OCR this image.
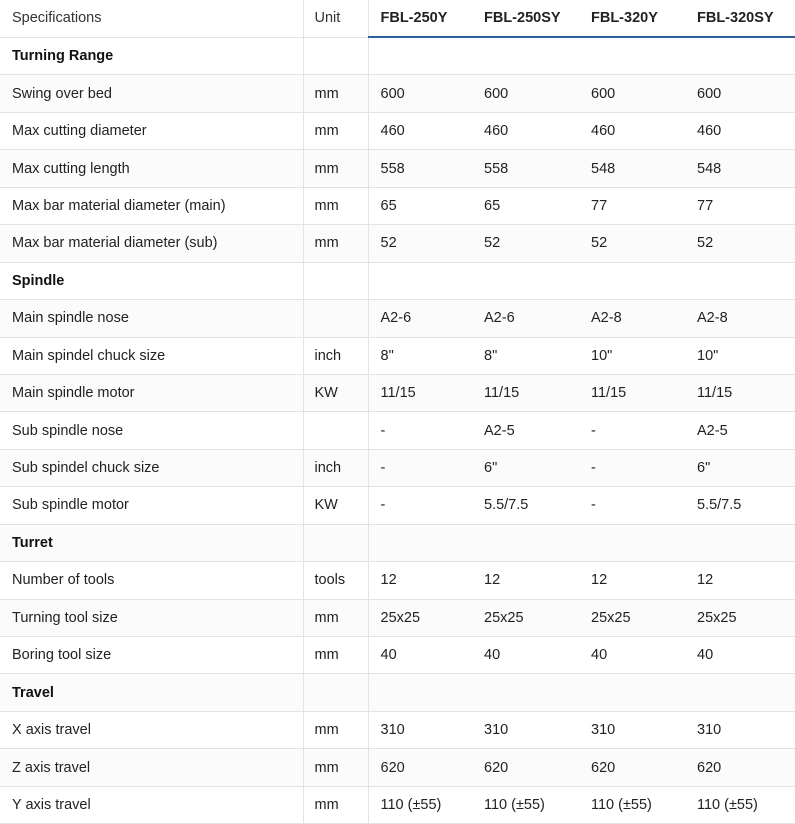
Specifications	Unit	FBL-250Y	FBL-250SY	FBL-320Y	FBL-320SY
Turning Range					
Swing over bed	mm	600	600	600	600
Max cutting diameter	mm	460	460	460	460
Max cutting length	mm	558	558	548	548
Max bar material diameter (main)	mm	65	65	77	77
Max bar material diameter (sub)	mm	52	52	52	52
Spindle					
Main spindle nose		A2-6	A2-6	A2-8	A2-8
Main spindel chuck size	inch	8"	8"	10"	10"
Main spindle motor	KW	11/15	11/15	11/15	11/15
Sub spindle nose		-	A2-5	-	A2-5
Sub spindel chuck size	inch	-	6"	-	6"
Sub spindle motor	KW	-	5.5/7.5	-	5.5/7.5
Turret					
Number of tools	tools	12	12	12	12
Turning tool size	mm	25x25	25x25	25x25	25x25
Boring tool size	mm	40	40	40	40
Travel					
X axis travel	mm	310	310	310	310
Z axis travel	mm	620	620	620	620
Y axis travel	mm	110 (±55)	110 (±55)	110 (±55)	110 (±55)
